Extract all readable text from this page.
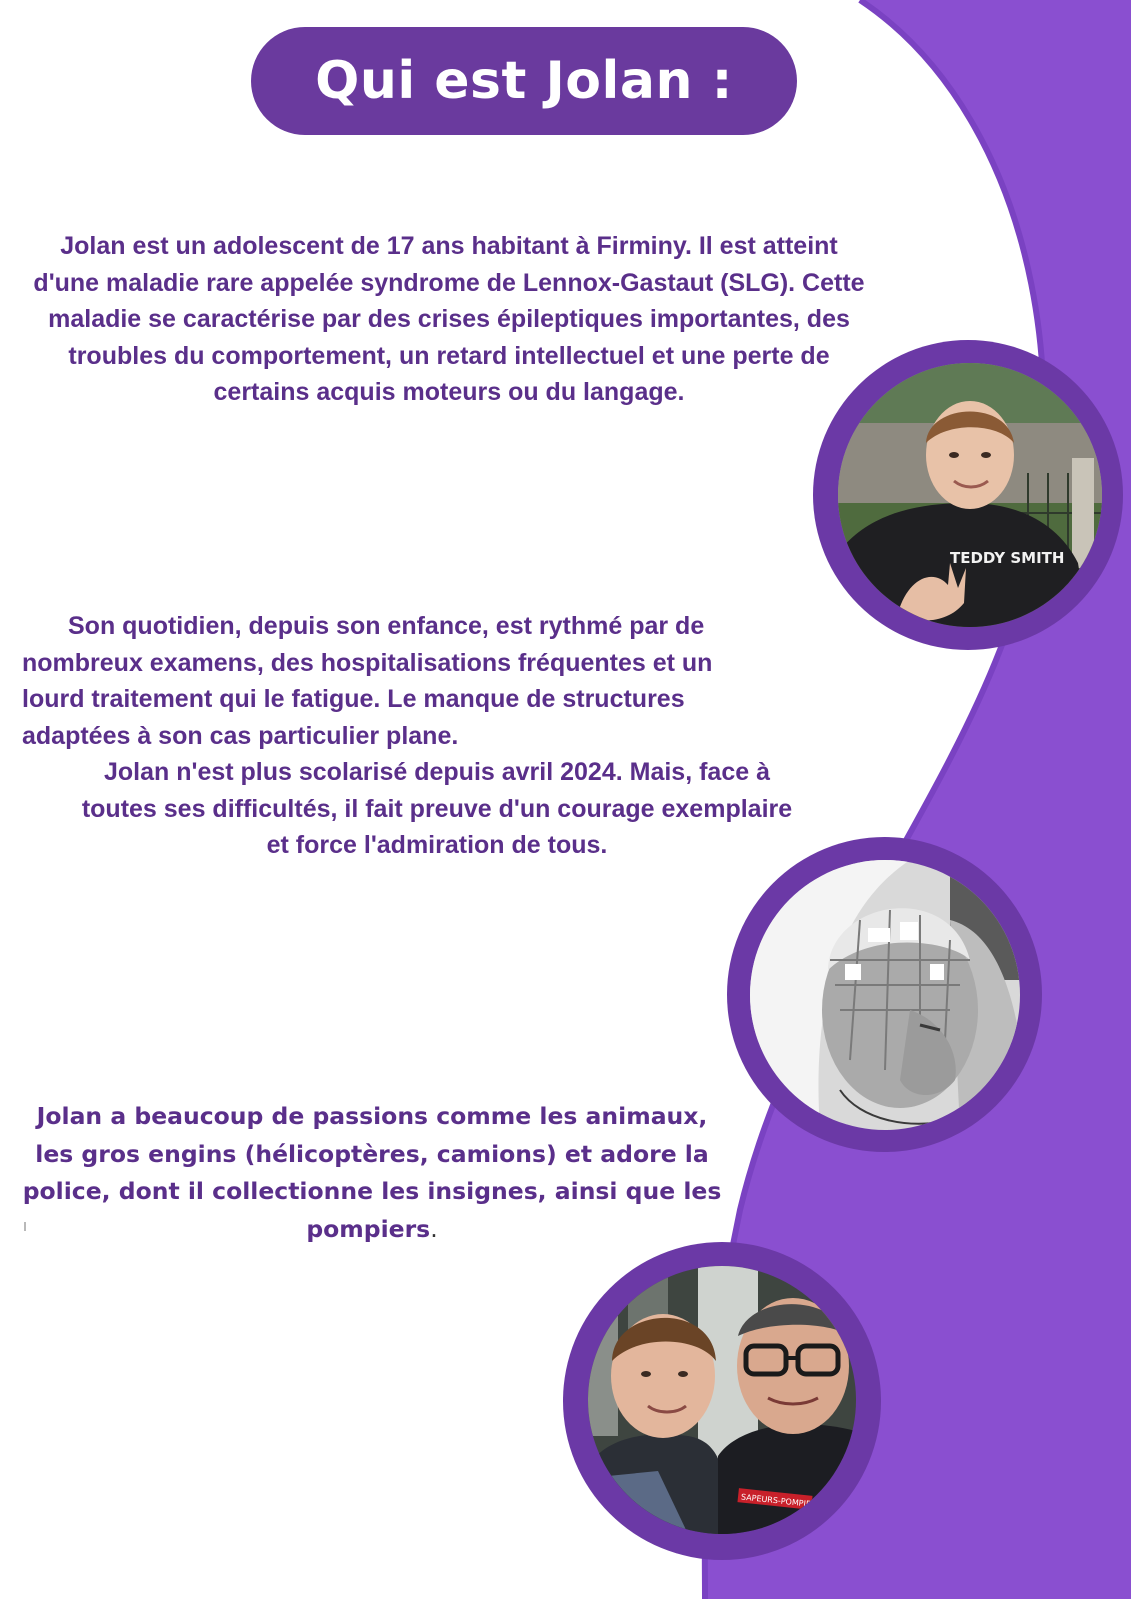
Qui est Jolan :

Jolan est un adolescent de 17 ans habitant à Firminy. Il est atteint d'une maladie rare appelée syndrome de Lennox-Gastaut (SLG). Cette maladie se caractérise par des crises épileptiques importantes, des troubles du comportement, un retard intellectuel et une perte de certains acquis moteurs ou du langage.

Son quotidien, depuis son enfance, est rythmé par de
nombreux examens, des hospitalisations fréquentes et un
lourd traitement qui le fatigue. Le manque de structures
adaptées à son cas particulier plane.
Jolan n'est plus scolarisé depuis avril 2024. Mais, face à
toutes ses difficultés, il fait preuve d'un courage exemplaire
et force l'admiration de tous.

Jolan a beaucoup de passions comme les animaux, les gros engins (hélicoptères, camions) et adore la police, dont il collectionne les insignes, ainsi que les pompiers.

TEDDY SMITH
SAPEURS-POMPIERS
